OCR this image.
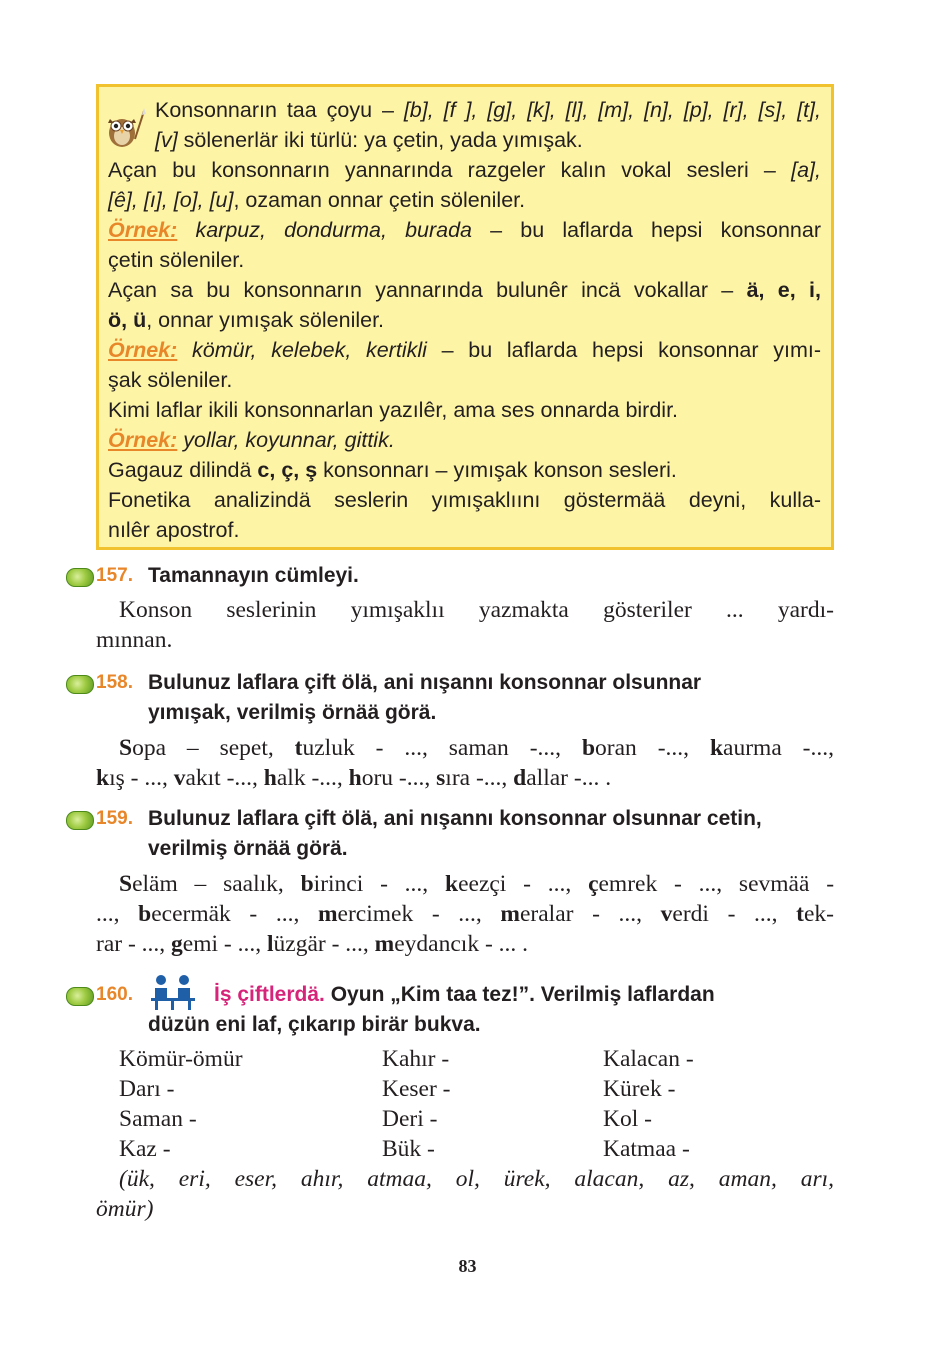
Konsonnarın taa çoyu – [b], [f ], [g], [k], [l], [m], [n], [p], [r], [s], [t],
[v] sölenerlär iki türlü: ya çetin, yada yımışak.
Açan bu konsonnarın yannarında razgeler kalın vokal sesleri – [a],
[ê], [ı], [o], [u], ozaman onnar çetin söleniler.
Örnek: karpuz, dondurma, burada – bu laflarda hepsi konsonnar
çetin söleniler.
Açan sa bu konsonnarın yannarında bulunêr incä vokallar – ä, e, i,
ö, ü, onnar yımışak söleniler.
Örnek: kömür, kelebek, kertikli – bu laflarda hepsi konsonnar yımı-
şak söleniler.
Kimi laflar ikili konsonnarlan yazılêr, ama ses onnarda birdir.
Örnek: yollar, koyunnar, gittik.
Gagauz dilindä c, ç, ş konsonnarı – yımışak konson sesleri.
Fonetika analizindä seslerin yımışaklıını göstermää deyni, kulla-
nılêr apostrof.
157. Tamannayın cümleyi.
Konson seslerinin yımışaklıı yazmakta gösteriler ... yardı-
mınnan.
158. Bulunuz laflara çift ölä, ani nışannı konsonnar olsunnar
yımışak, verilmiş örnää görä.
Sopa – sepet, tuzluk - ..., saman -..., boran -..., kaurma -...,
kış - ..., vakıt -..., halk -..., horu -..., sıra -..., dallar -... .
159. Bulunuz laflara çift ölä, ani nışannı konsonnar olsunnar cetin,
verilmiş örnää görä.
Seläm – saalık, birinci - ..., keezçi - ..., çemrek - ..., sevmää -
..., becermäk - ..., mercimek - ..., meralar - ..., verdi - ..., tek-
rar - ..., gemi - ..., lüzgär - ..., meydancık - ... .
160.	İş çiftlerdä. Oyun „Kim taa tez!”. Verilmiş laflardan
düzün eni laf, çıkarıp birär bukva.
Kömür-ömür
Darı -
Saman -
Kaz -
Kahır -
Keser -
Deri -
Bük -
Kalacan -
Kürek -
Kol -
Katmaa -
(ük, eri, eser, ahır, atmaa, ol, ürek, alacan, az, aman, arı,
ömür)
83
